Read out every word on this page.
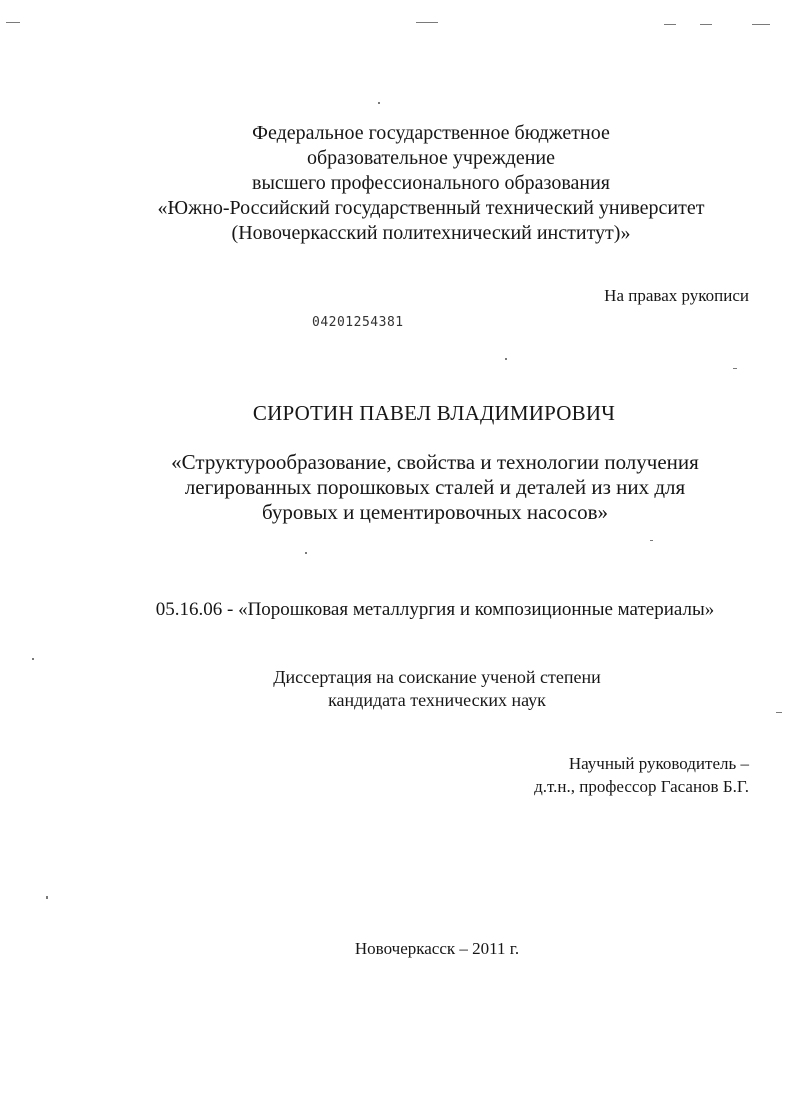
Федеральное государственное бюджетное
образовательное учреждение
высшего профессионального образования
«Южно-Российский государственный технический университет
(Новочеркасский политехнический институт)»
На правах рукописи
04201254381
СИРОТИН ПАВЕЛ ВЛАДИМИРОВИЧ
«Структурообразование, свойства и технологии получения
легированных порошковых сталей и деталей из них для
буровых и цементировочных насосов»
05.16.06 - «Порошковая металлургия и композиционные материалы»
Диссертация на соискание ученой степени
кандидата технических наук
Научный руководитель –
д.т.н., профессор Гасанов Б.Г.
Новочеркасск – 2011 г.
